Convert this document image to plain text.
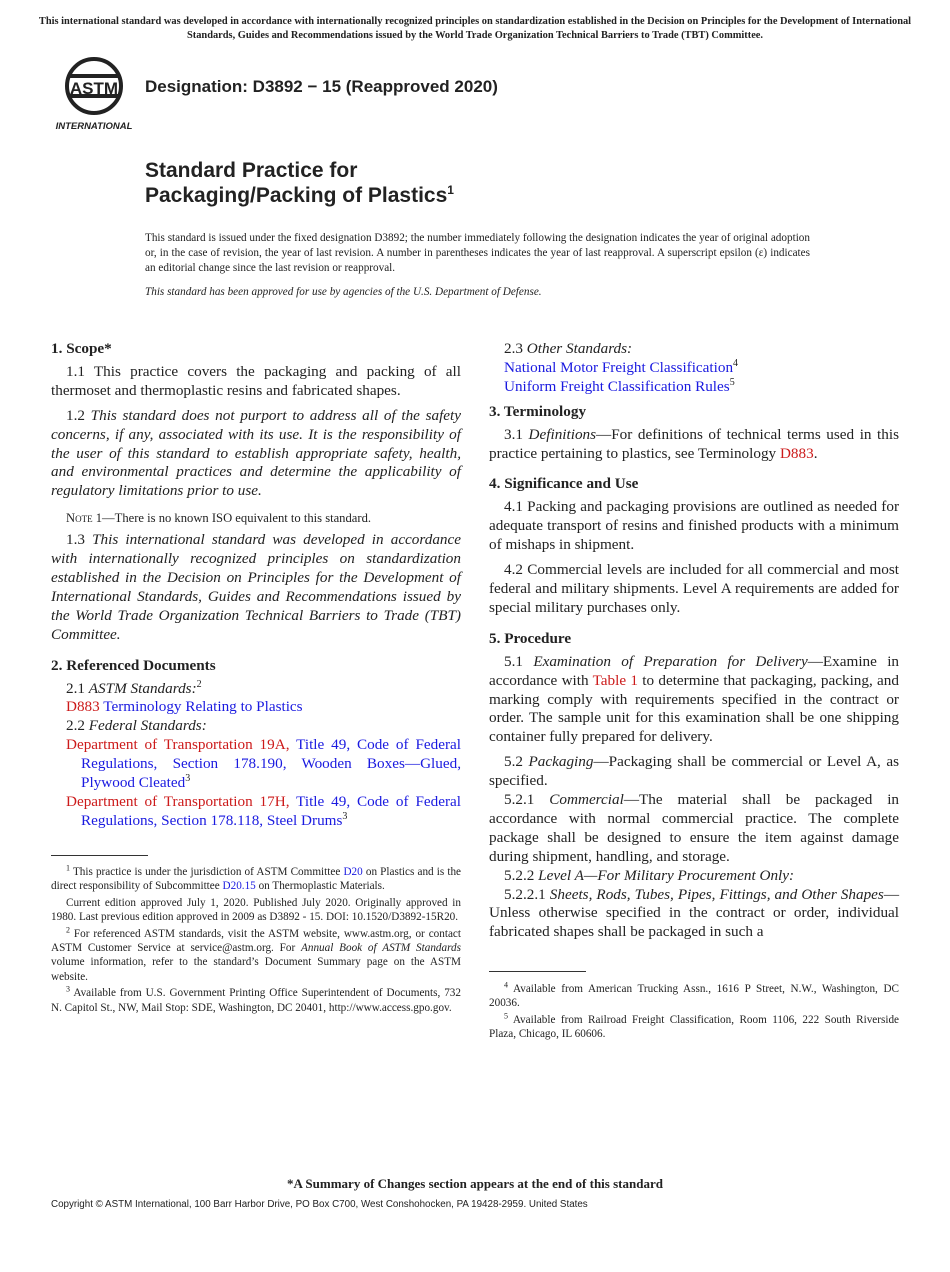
This international standard was developed in accordance with internationally recognized principles on standardization established in the Decision on Principles for the Development of International Standards, Guides and Recommendations issued by the World Trade Organization Technical Barriers to Trade (TBT) Committee.
ASTM
INTERNATIONAL
Designation: D3892 − 15 (Reapproved 2020)
Standard Practice for
Packaging/Packing of Plastics$^1$
This standard is issued under the fixed designation D3892; the number immediately following the designation indicates the year of original adoption or, in the case of revision, the year of last revision. A number in parentheses indicates the year of last reapproval. A superscript epsilon (ε) indicates an editorial change since the last revision or reapproval.
This standard has been approved for use by agencies of the U.S. Department of Defense.

1. Scope*

1.1 This practice covers the packaging and packing of all thermoset and thermoplastic resins and fabricated shapes.

1.2 This standard does not purport to address all of the safety concerns, if any, associated with its use. It is the responsibility of the user of this standard to establish appropriate safety, health, and environmental practices and determine the applicability of regulatory limitations prior to use.

Note 1—There is no known ISO equivalent to this standard.

1.3 This international standard was developed in accordance with internationally recognized principles on standardization established in the Decision on Principles for the Development of International Standards, Guides and Recommendations issued by the World Trade Organization Technical Barriers to Trade (TBT) Committee.

2. Referenced Documents

2.1 ASTM Standards:$^2$

D883 Terminology Relating to Plastics

2.2 Federal Standards:

Department of Transportation 19A, Title 49, Code of Federal Regulations, Section 178.190, Wooden Boxes—Glued, Plywood Cleated$^3$

Department of Transportation 17H, Title 49, Code of Federal Regulations, Section 178.118, Steel Drums$^3$

$^1$ This practice is under the jurisdiction of ASTM Committee D20 on Plastics and is the direct responsibility of Subcommittee D20.15 on Thermoplastic Materials.

Current edition approved July 1, 2020. Published July 2020. Originally approved in 1980. Last previous edition approved in 2009 as D3892 - 15. DOI: 10.1520/D3892-15R20.

$^2$ For referenced ASTM standards, visit the ASTM website, www.astm.org, or contact ASTM Customer Service at service@astm.org. For Annual Book of ASTM Standards volume information, refer to the standard’s Document Summary page on the ASTM website.

$^3$ Available from U.S. Government Printing Office Superintendent of Documents, 732 N. Capitol St., NW, Mail Stop: SDE, Washington, DC 20401, http://www.access.gpo.gov.

2.3 Other Standards:

National Motor Freight Classification$^4$

Uniform Freight Classification Rules$^5$

3. Terminology

3.1 Definitions—For definitions of technical terms used in this practice pertaining to plastics, see Terminology D883.

4. Significance and Use

4.1 Packing and packaging provisions are outlined as needed for adequate transport of resins and finished products with a minimum of mishaps in shipment.

4.2 Commercial levels are included for all commercial and most federal and military shipments. Level A requirements are added for special military purchases only.

5. Procedure

5.1 Examination of Preparation for Delivery—Examine in accordance with Table 1 to determine that packaging, packing, and marking comply with requirements specified in the contract or order. The sample unit for this examination shall be one shipping container fully prepared for delivery.

5.2 Packaging—Packaging shall be commercial or Level A, as specified.

5.2.1 Commercial—The material shall be packaged in accordance with normal commercial practice. The complete package shall be designed to ensure the item against damage during shipment, handling, and storage.

5.2.2 Level A—For Military Procurement Only:

5.2.2.1 Sheets, Rods, Tubes, Pipes, Fittings, and Other Shapes—Unless otherwise specified in the contract or order, individual fabricated shapes shall be packaged in such a

$^4$ Available from American Trucking Assn., 1616 P Street, N.W., Washington, DC 20036.

$^5$ Available from Railroad Freight Classification, Room 1106, 222 South Riverside Plaza, Chicago, IL 60606.

*A Summary of Changes section appears at the end of this standard
Copyright © ASTM International, 100 Barr Harbor Drive, PO Box C700, West Conshohocken, PA 19428-2959. United States
